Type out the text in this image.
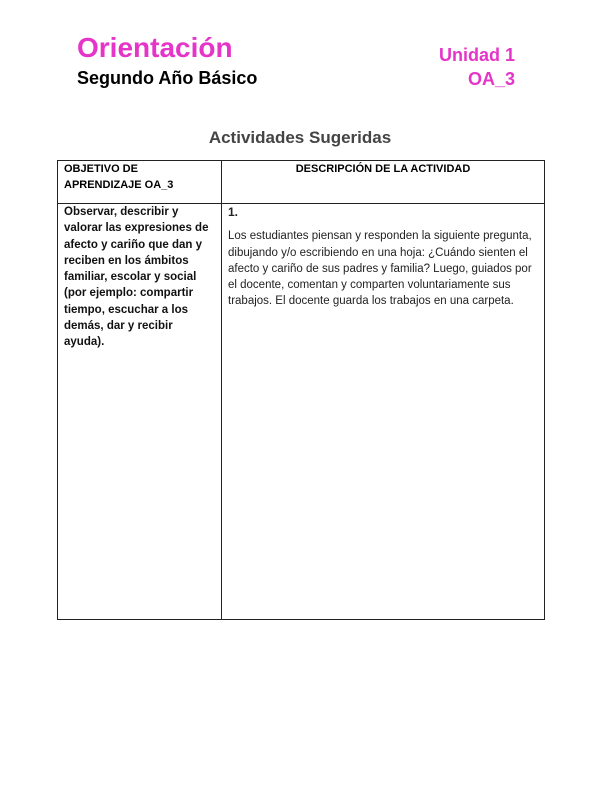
Orientación
Segundo Año Básico
Unidad 1
OA_3
Actividades Sugeridas
OBJETIVO DE APRENDIZAJE OA_3	DESCRIPCIÓN DE LA ACTIVIDAD
Observar, describir y valorar las expresiones de afecto y cariño que dan y reciben en los ámbitos familiar, escolar y social (por ejemplo: compartir tiempo, escuchar a los demás, dar y recibir ayuda).	1.

Los estudiantes piensan y responden la siguiente pregunta, dibujando y/o escribiendo en una hoja: ¿Cuándo sienten el afecto y cariño de sus padres y familia? Luego, guiados por el docente, comentan y comparten voluntariamente sus trabajos. El docente guarda los trabajos en una carpeta.
